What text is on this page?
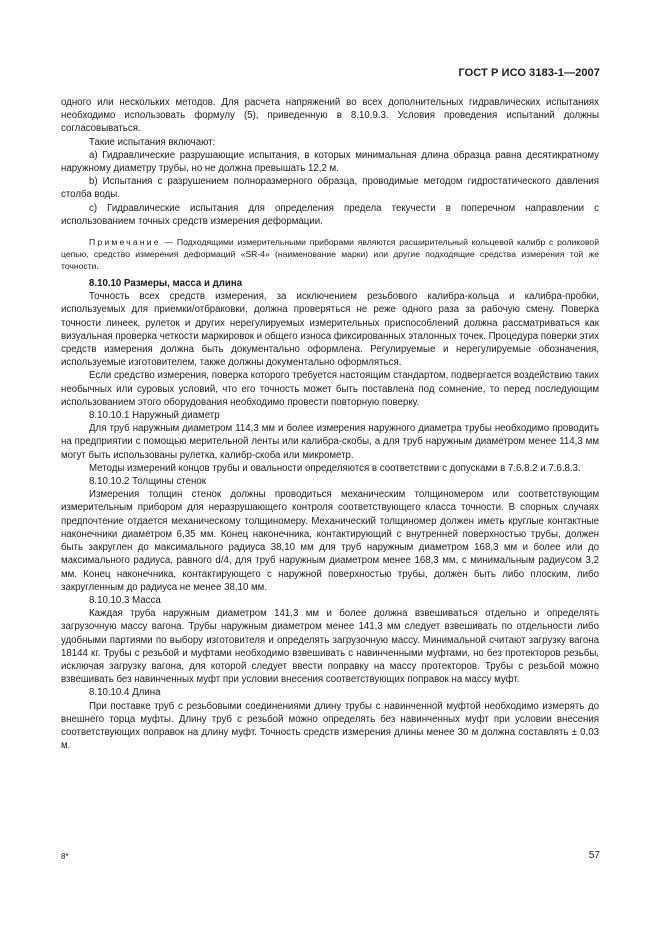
ГОСТ Р ИСО 3183-1—2007

одного или нескольких методов. Для расчета напряжений во всех дополнительных гидравлических испытаниях необходимо использовать формулу (5), приведенную в 8.10.9.3. Условия проведения испытаний должны согласовываться.

Такие испытания включают:

а) Гидравлические разрушающие испытания, в которых минимальная длина образца равна десятикратному наружному диаметру трубы, но не должна превышать 12,2 м.

b) Испытания с разрушением полноразмерного образца, проводимые методом гидростатического давления столба воды.

c) Гидравлические испытания для определения предела текучести в поперечном направлении с использованием точных средств измерения деформации.

Примечание — Подходящими измерительными приборами являются расширительный кольцевой калибр с роликовой цепью, средство измерения деформаций «SR-4» (наименование марки) или другие подходящие средства измерения той же точности.

8.10.10 Размеры, масса и длина

Точность всех средств измерения, за исключением резьбового калибра-кольца и калибра-пробки, используемых для приемки/отбраковки, должна проверяться не реже одного раза за рабочую смену. Поверка точности линеек, рулеток и других нерегулируемых измерительных приспособлений должна рассматриваться как визуальная проверка четкости маркировок и общего износа фиксированных эталонных точек. Процедура поверки этих средств измерения должна быть документально оформлена. Регулируемые и нерегулируемые обозначения, используемые изготовителем, также должны документально оформляться.

Если средство измерения, поверка которого требуется настоящим стандартом, подвергается воздействию таких необычных или суровых условий, что его точность может быть поставлена под сомнение, то перед последующим использованием этого оборудования необходимо провести повторную поверку.

8.10.10.1 Наружный диаметр

Для труб наружным диаметром 114,3 мм и более измерения наружного диаметра трубы необходимо проводить на предприятии с помощью мерительной ленты или калибра-скобы, а для труб наружным диаметром менее 114,3 мм могут быть использованы рулетка, калибр-скоба или микрометр.

Методы измерений концов трубы и овальности определяются в соответствии с допусками в 7.6.8.2 и 7.6.8.3.

8.10.10.2 Толщины стенок

Измерения толщин стенок должны проводиться механическим толщиномером или соответствующим измерительным прибором для неразрушающего контроля соответствующего класса точности. В спорных случаях предпочтение отдается механическому толщиномеру. Механический толщиномер должен иметь круглые контактные наконечники диаметром 6,35 мм. Конец наконечника, контактирующий с внутренней поверхностью трубы, должен быть закруглен до максимального радиуса 38,10 мм для труб наружным диаметром 168,3 мм и более или до максимального радиуса, равного d/4, для труб наружным диаметром менее 168,3 мм, с минимальным радиусом 3,2 мм. Конец наконечника, контактирующего с наружной поверхностью трубы, должен быть либо плоским, либо закругленным до радиуса не менее 38,10 мм.

8.10.10.3 Масса

Каждая труба наружным диаметром 141,3 мм и более должна взвешиваться отдельно и определять загрузочную массу вагона. Трубы наружным диаметром менее 141,3 мм следует взвешивать по отдельности либо удобными партиями по выбору изготовителя и определять загрузочную массу. Минимальной считают загрузку вагона 18144 кг. Трубы с резьбой и муфтами необходимо взвешивать с навинченными муфтами, но без протекторов резьбы, исключая загрузку вагона, для которой следует ввести поправку на массу протекторов. Трубы с резьбой можно взвешивать без навинченных муфт при условии внесения соответствующих поправок на массу муфт.

8.10.10.4 Длина

При поставке труб с резьбовыми соединениями длину трубы с навинченной муфтой необходимо измерять до внешнего торца муфты. Длину труб с резьбой можно определять без навинченных муфт при условии внесения соответствующих поправок на длину муфт. Точность средств измерения длины менее 30 м должна составлять ± 0,03 м.

8*	57
